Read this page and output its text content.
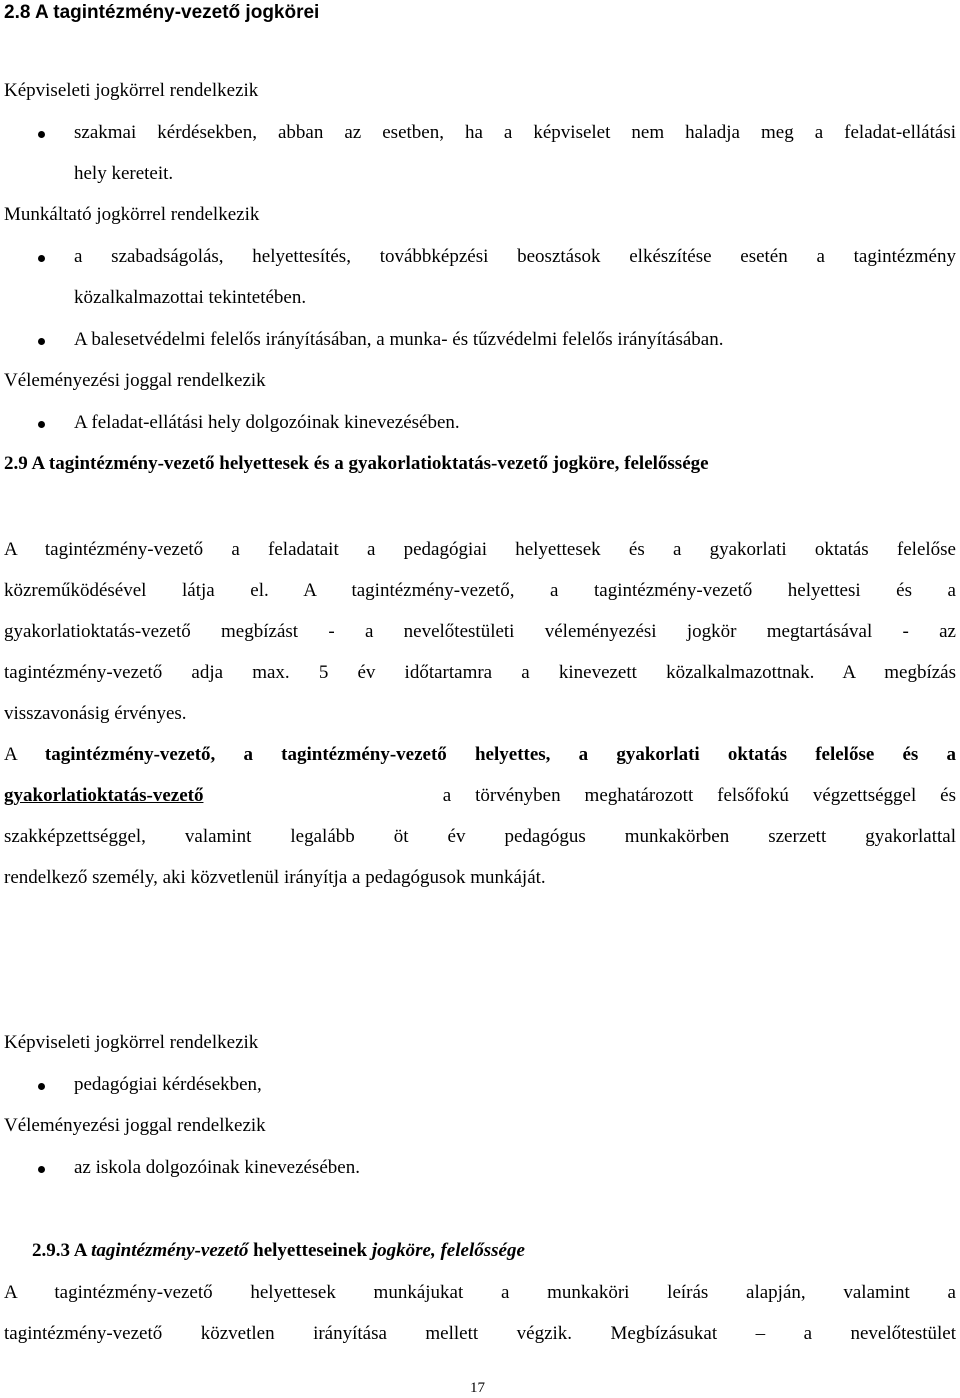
2.8 A tagintézmény-vezető jogkörei
Képviseleti jogkörrel rendelkezik
szakmai kérdésekben, abban az esetben, ha a képviselet nem haladja meg a feladat-ellátási
hely kereteit.
Munkáltató jogkörrel rendelkezik
a szabadságolás, helyettesítés, továbbképzési beosztások elkészítése esetén a tagintézmény
közalkalmazottai tekintetében.
A balesetvédelmi felelős irányításában, a munka- és tűzvédelmi felelős irányításában.
Véleményezési joggal rendelkezik
A feladat-ellátási hely dolgozóinak kinevezésében.
2.9 A tagintézmény-vezető helyettesek és a gyakorlatioktatás-vezető jogköre, felelőssége
A tagintézmény-vezető a feladatait a pedagógiai helyettesek és a gyakorlati oktatás felelőse
közreműködésével látja el. A tagintézmény-vezető, a tagintézmény-vezető helyettesi és a
gyakorlatioktatás-vezető megbízást - a nevelőtestületi véleményezési jogkör megtartásával - az
tagintézmény-vezető adja max. 5 év időtartamra a kinevezett közalkalmazottnak. A megbízás
visszavonásig érvényes.
A tagintézmény-vezető, a tagintézmény-vezető helyettes, a gyakorlati oktatás felelőse és a
gyakorlatioktatás-vezető	a törvényben meghatározott felsőfokú végzettséggel és
szakképzettséggel, valamint legalább öt év pedagógus munkakörben szerzett gyakorlattal
rendelkező személy, aki közvetlenül irányítja a pedagógusok munkáját.
Képviseleti jogkörrel rendelkezik
pedagógiai kérdésekben,
Véleményezési joggal rendelkezik
az iskola dolgozóinak kinevezésében.
2.9.3 A tagintézmény-vezető helyetteseinek jogköre, felelőssége
A tagintézmény-vezető helyettesek munkájukat a munkaköri leírás alapján, valamint a
tagintézmény-vezető közvetlen irányítása mellett végzik. Megbízásukat – a nevelőtestület
17
